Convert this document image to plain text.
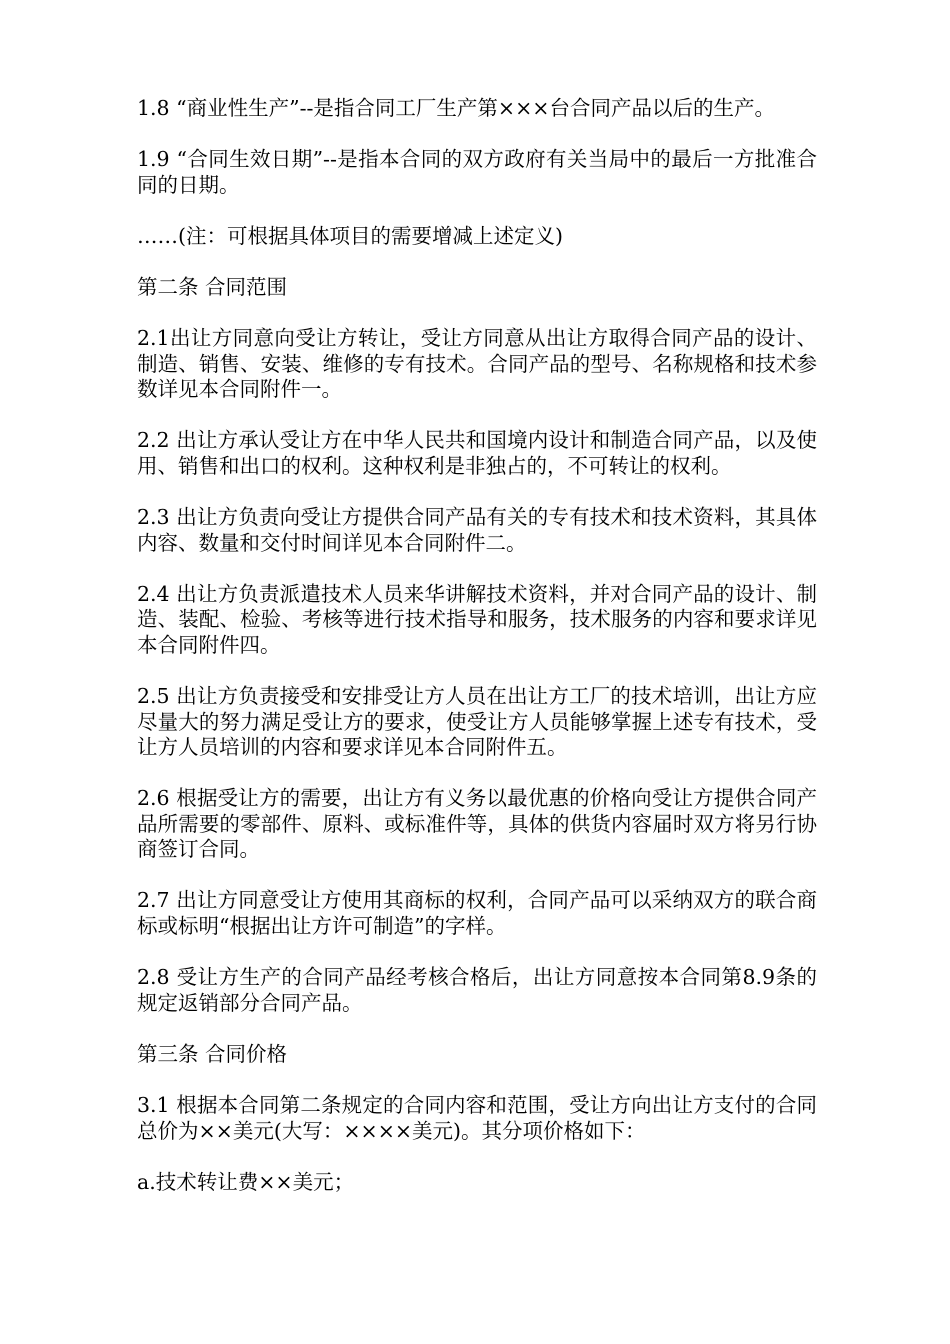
1.8 “商业性生产”--是指合同工厂生产第×××台合同产品以后的生产。

1.9 “合同生效日期”--是指本合同的双方政府有关当局中的最后一方批准合同的日期。

……(注：可根据具体项目的需要增减上述定义)

第二条 合同范围

2.1出让方同意向受让方转让，受让方同意从出让方取得合同产品的设计、制造、销售、安装、维修的专有技术。合同产品的型号、名称规格和技术参数详见本合同附件一。

2.2 出让方承认受让方在中华人民共和国境内设计和制造合同产品，以及使用、销售和出口的权利。这种权利是非独占的，不可转让的权利。

2.3 出让方负责向受让方提供合同产品有关的专有技术和技术资料，其具体内容、数量和交付时间详见本合同附件二。

2.4 出让方负责派遣技术人员来华讲解技术资料，并对合同产品的设计、制造、装配、检验、考核等进行技术指导和服务，技术服务的内容和要求详见本合同附件四。

2.5 出让方负责接受和安排受让方人员在出让方工厂的技术培训，出让方应尽量大的努力满足受让方的要求，使受让方人员能够掌握上述专有技术，受让方人员培训的内容和要求详见本合同附件五。

2.6 根据受让方的需要，出让方有义务以最优惠的价格向受让方提供合同产品所需要的零部件、原料、或标准件等，具体的供货内容届时双方将另行协商签订合同。

2.7 出让方同意受让方使用其商标的权利，合同产品可以采纳双方的联合商标或标明“根据出让方许可制造”的字样。

2.8 受让方生产的合同产品经考核合格后，出让方同意按本合同第8.9条的规定返销部分合同产品。

第三条 合同价格

3.1 根据本合同第二条规定的合同内容和范围，受让方向出让方支付的合同总价为××美元(大写：××××美元)。其分项价格如下：

a.技术转让费××美元；
